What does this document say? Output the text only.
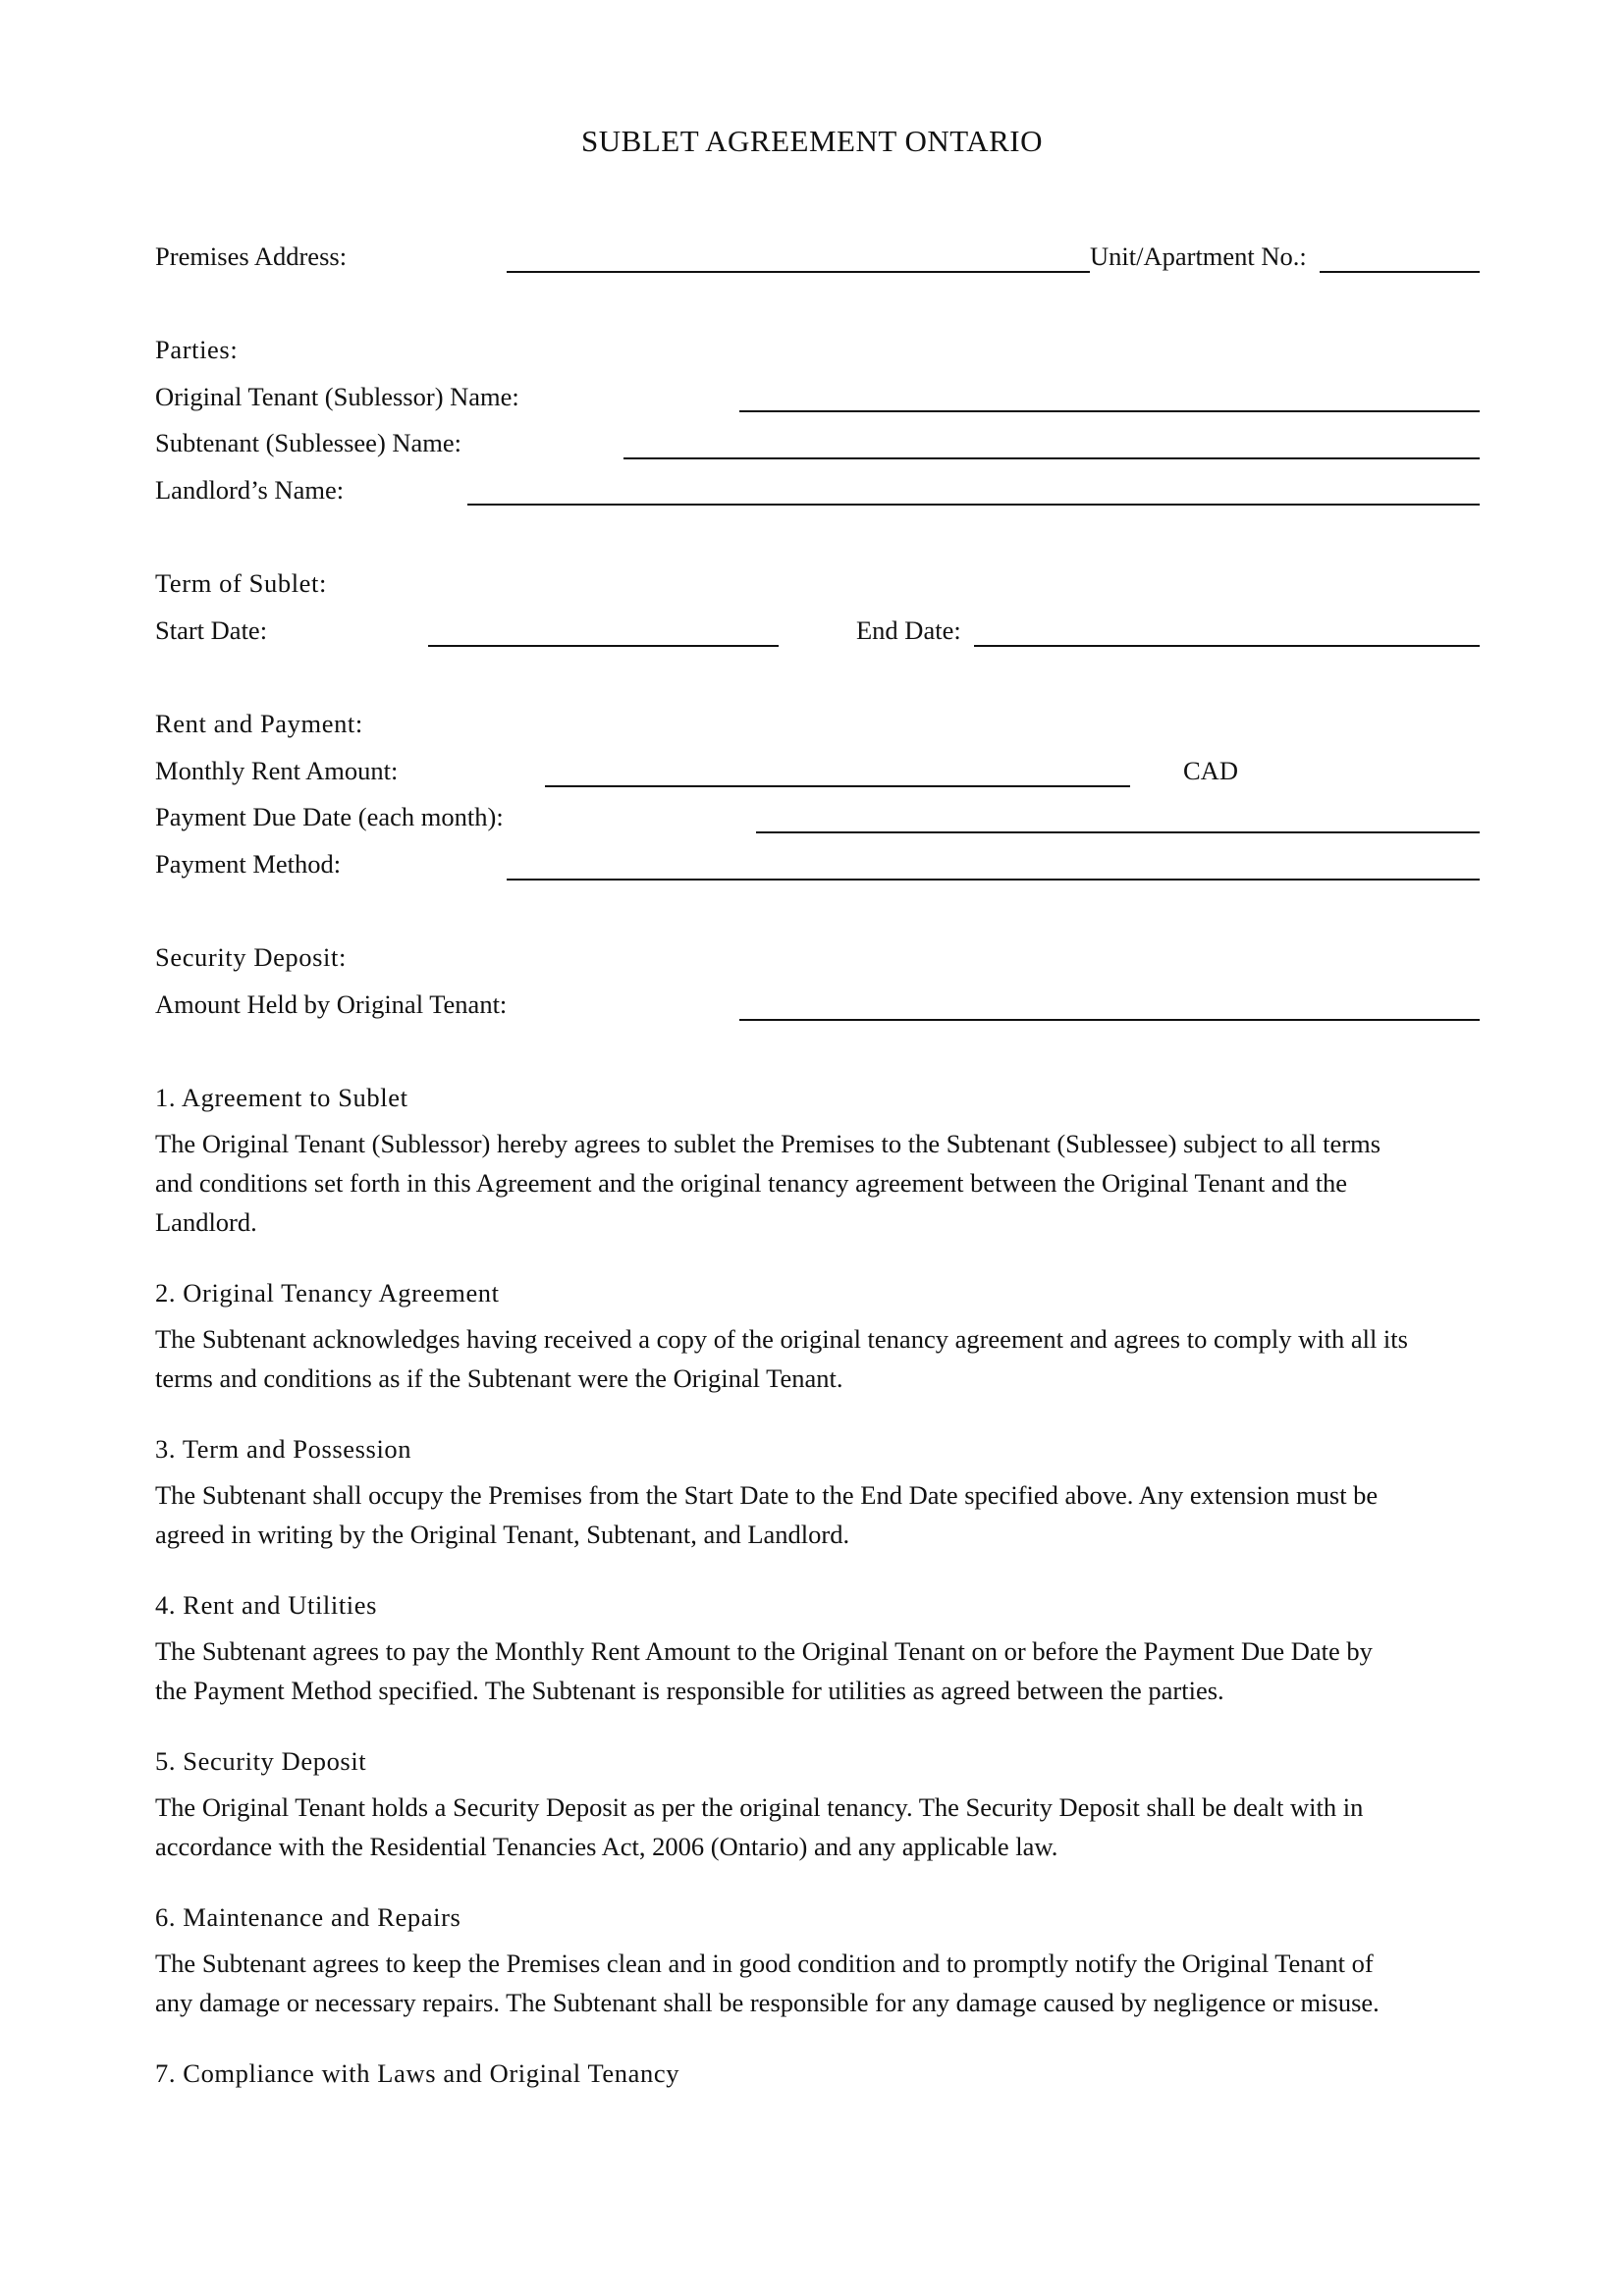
SUBLET AGREEMENT ONTARIO
Premises Address:	Unit/Apartment No.:
Parties:
Original Tenant (Sublessor) Name:
Subtenant (Sublessee) Name:
Landlord’s Name:
Term of Sublet:
Start Date:	End Date:
Rent and Payment:
Monthly Rent Amount:	CAD
Payment Due Date (each month):
Payment Method:
Security Deposit:
Amount Held by Original Tenant:
1. Agreement to Sublet
The Original Tenant (Sublessor) hereby agrees to sublet the Premises to the Subtenant (Sublessee) subject to all terms
and conditions set forth in this Agreement and the original tenancy agreement between the Original Tenant and the
Landlord.
2. Original Tenancy Agreement
The Subtenant acknowledges having received a copy of the original tenancy agreement and agrees to comply with all its
terms and conditions as if the Subtenant were the Original Tenant.
3. Term and Possession
The Subtenant shall occupy the Premises from the Start Date to the End Date specified above. Any extension must be
agreed in writing by the Original Tenant, Subtenant, and Landlord.
4. Rent and Utilities
The Subtenant agrees to pay the Monthly Rent Amount to the Original Tenant on or before the Payment Due Date by
the Payment Method specified. The Subtenant is responsible for utilities as agreed between the parties.
5. Security Deposit
The Original Tenant holds a Security Deposit as per the original tenancy. The Security Deposit shall be dealt with in
accordance with the Residential Tenancies Act, 2006 (Ontario) and any applicable law.
6. Maintenance and Repairs
The Subtenant agrees to keep the Premises clean and in good condition and to promptly notify the Original Tenant of
any damage or necessary repairs. The Subtenant shall be responsible for any damage caused by negligence or misuse.
7. Compliance with Laws and Original Tenancy
